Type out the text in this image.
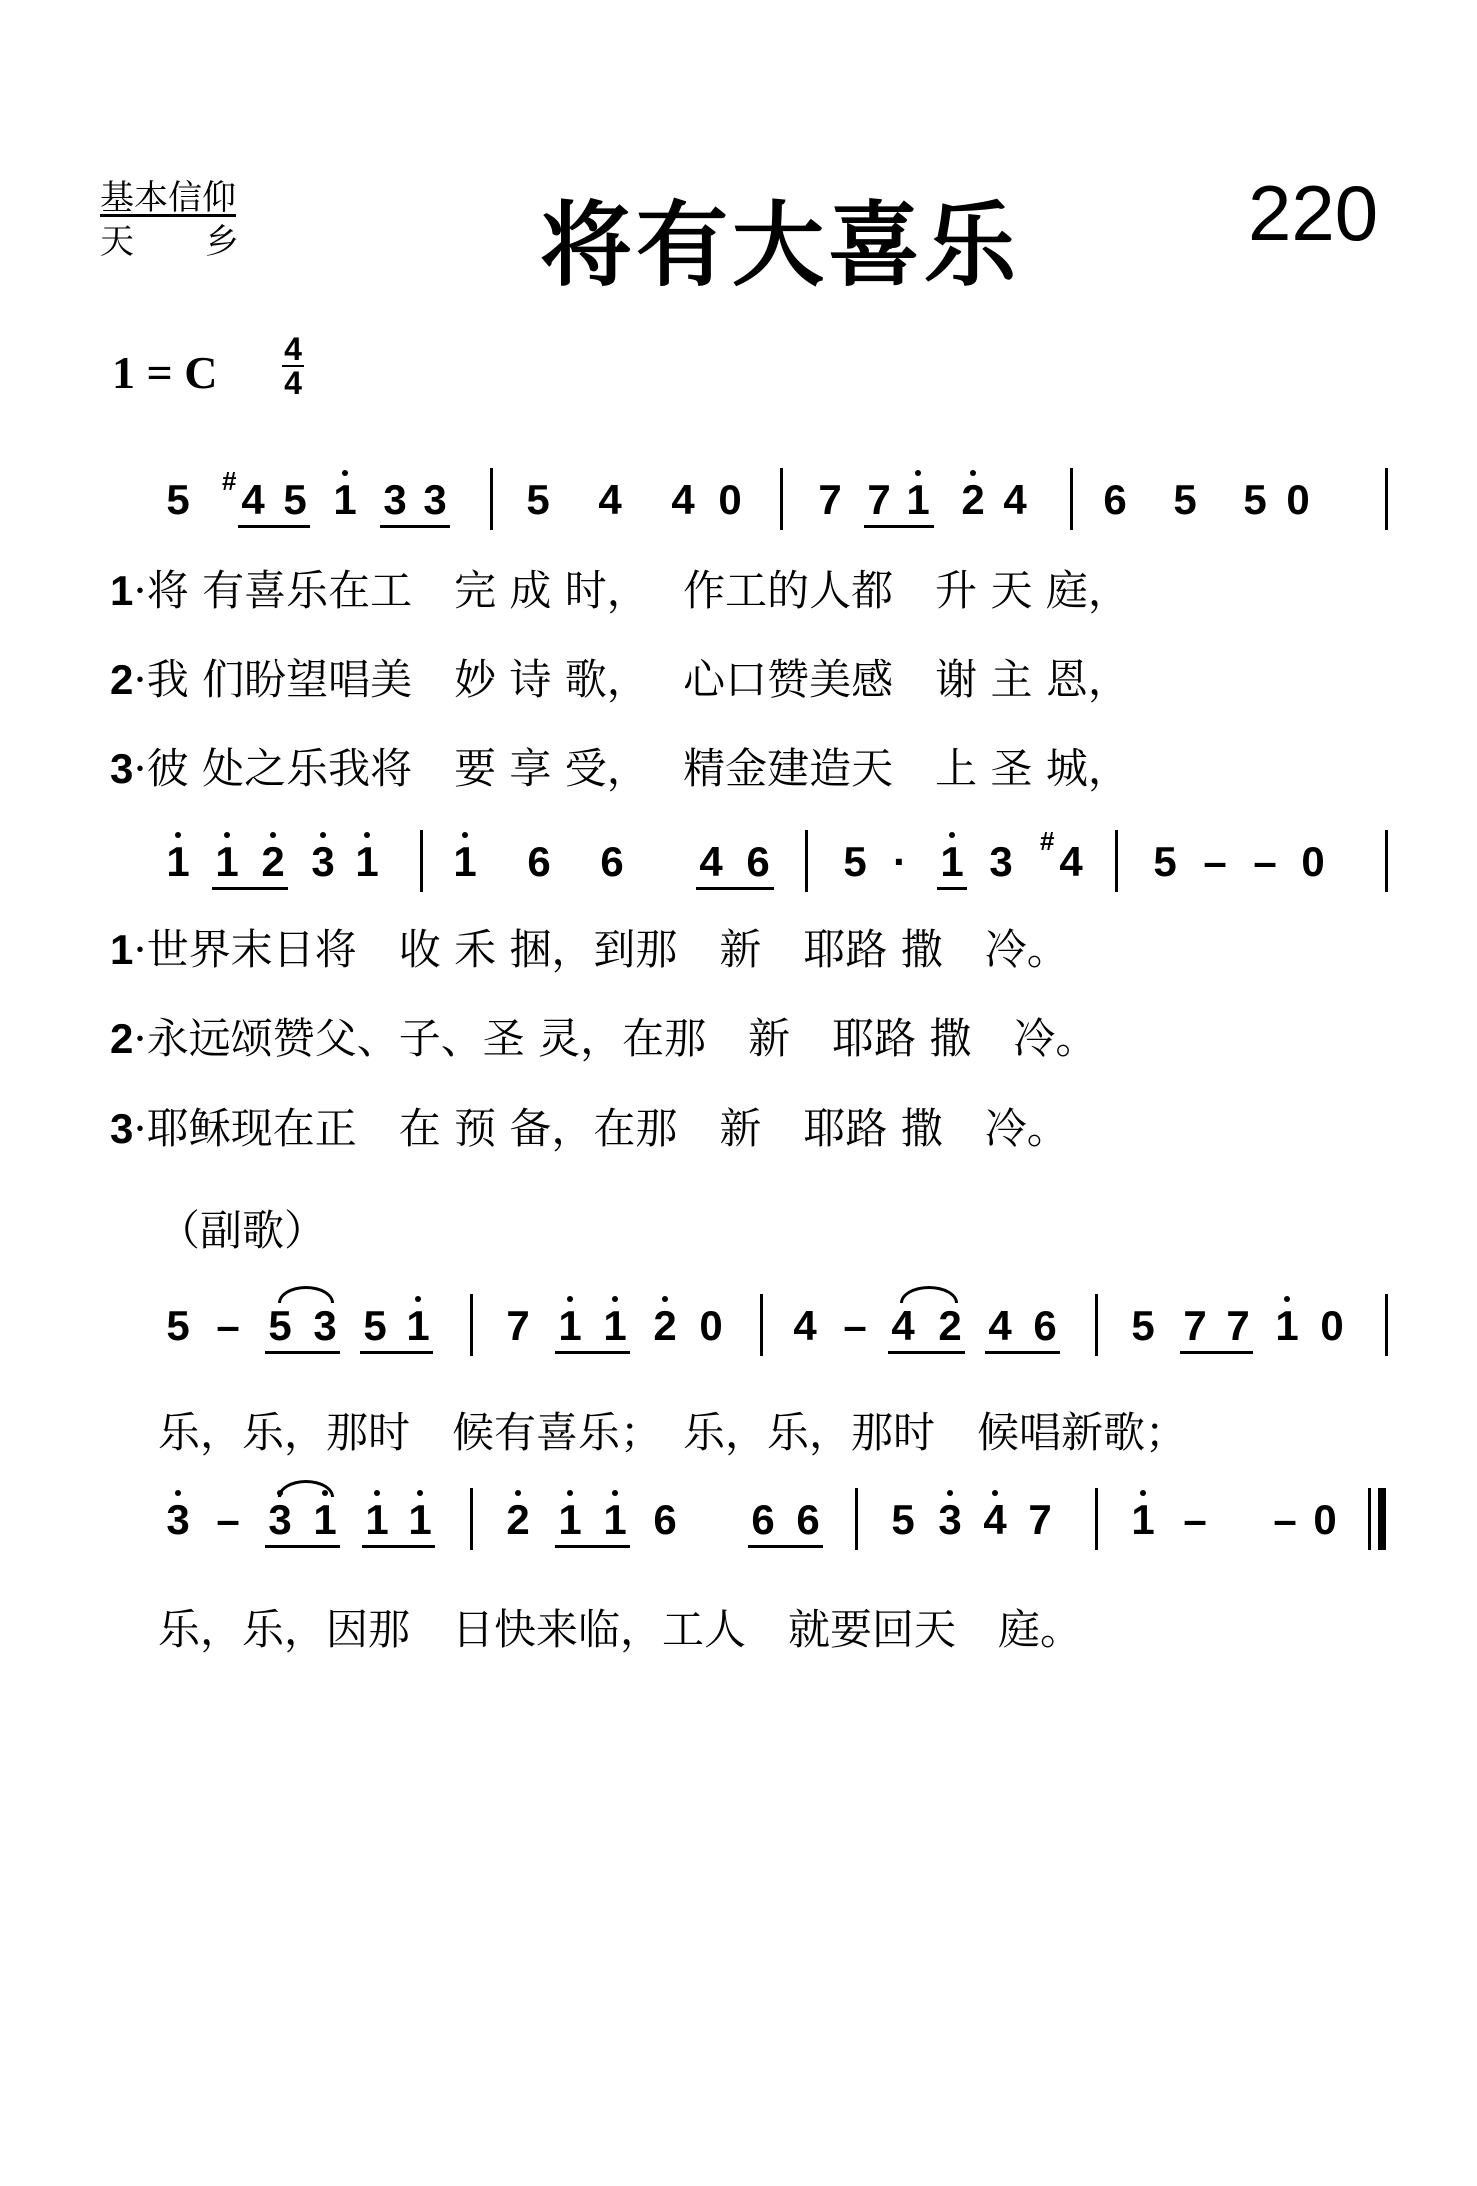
基本信仰
天 乡	将有大喜乐	220
1 = C 4
4
5 # 4 5 1 3 3 5 4 4 0 7 7 1 2 4 6 5 5 0
1·将 有喜乐在工　完 成 时，　 作工的人都　升 天 庭，
2·我 们盼望唱美　妙 诗 歌，　 心口赞美感　谢 主 恩，
3·彼 处之乐我将　要 享 受，　 精金建造天　上 圣 城，
1 1 2 3 1 1 6 6 4 6 5 · 1 3 # 4 5 – – 0
1·世界末日将　收 禾 捆，到那　新　耶路 撒　冷。
2·永远颂赞父、子、圣 灵，在那　新　耶路 撒　冷。
3·耶稣现在正　在 预 备，在那　新　耶路 撒　冷。
（副歌）
5 – 5 3 5 1 7 1 1 2 0 4 – 4 2 4 6 5 7 7 1 0
乐，乐，那时　候有喜乐；　乐，乐，那时　候唱新歌；
3 – 3 1 1 1 2 1 1 6 6 6 5 3 4 7 1 – – 0
乐，乐，因那　日快来临，工人　就要回天　庭。
